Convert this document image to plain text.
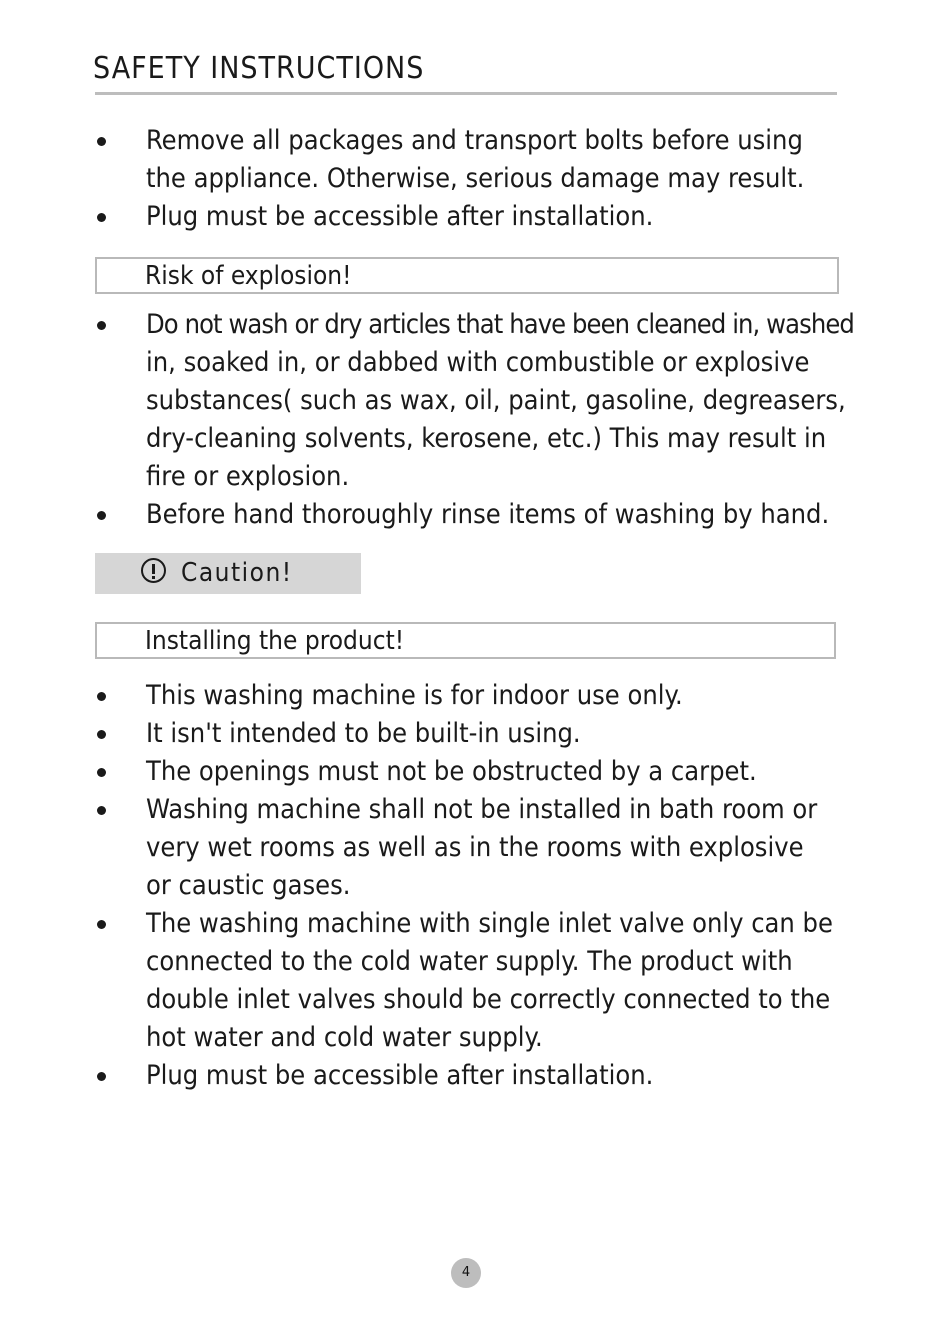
SAFETY INSTRUCTIONS
Remove all packages and transport bolts before using
the appliance. Otherwise, serious damage may result.
Plug must be accessible after installation.
Risk of explosion!
Do not wash or dry articles that have been cleaned in, washed
in, soaked in, or dabbed with combustible or explosive
substances( such as wax, oil, paint, gasoline, degreasers,
dry-cleaning solvents, kerosene, etc.) This may result in
fire or explosion.
Before hand thoroughly rinse items of washing by hand.
Caution!
Installing the product!
This washing machine is for indoor use only.
It isn't intended to be built-in using.
The openings must not be obstructed by a carpet.
Washing machine shall not be installed in bath room or
very wet rooms as well as in the rooms with explosive
or caustic gases.
The washing machine with single inlet valve only can be
connected to the cold water supply. The product with
double inlet valves should be correctly connected to the
hot water and cold water supply.
Plug must be accessible after installation.
4
